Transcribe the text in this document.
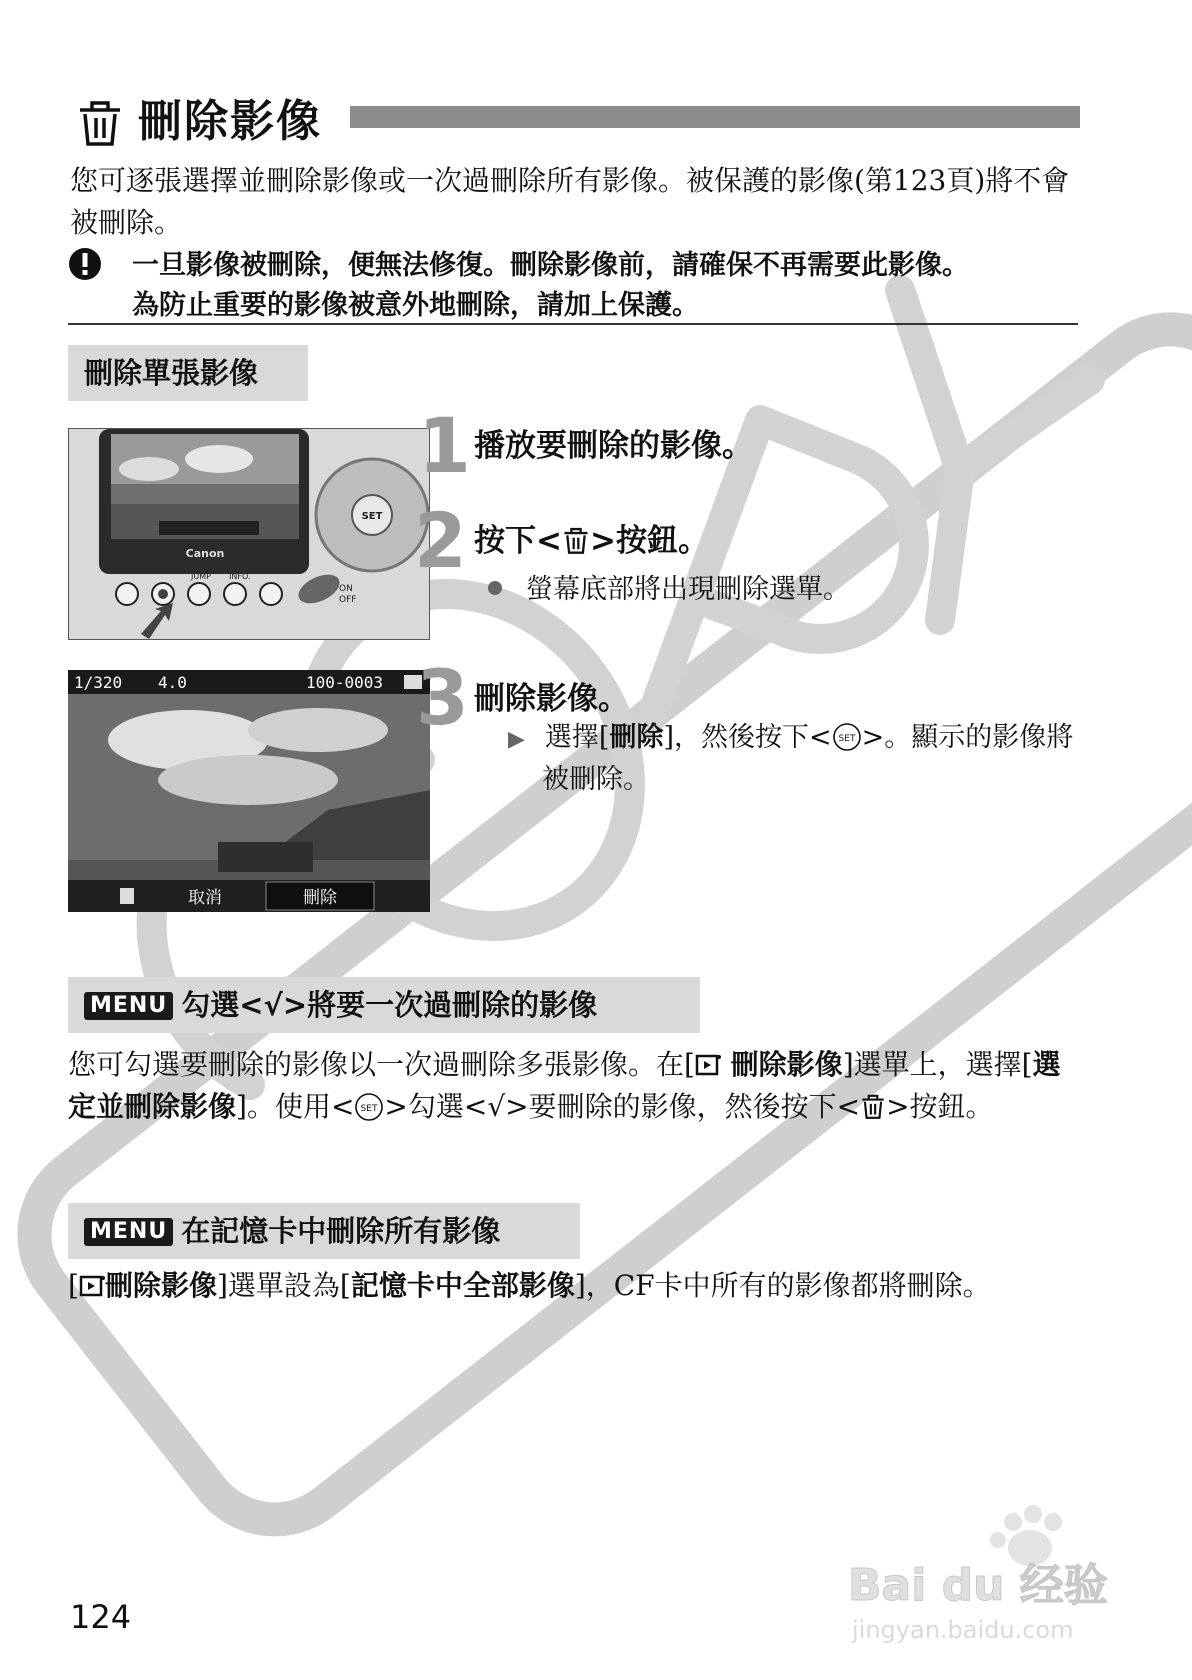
刪除影像
您可逐張選擇並刪除影像或一次過刪除所有影像。被保護的影像(第123頁)將不會被刪除。
一旦影像被刪除，便無法修復。刪除影像前，請確保不再需要此影像。
為防止重要的影像被意外地刪除，請加上保護。
刪除單張影像
Canon
SET
JUMP INFO.
ON
OFF
1/320 4.0	100-0003
取消	刪除
1 播放要刪除的影像。
2 按下< >按鈕。
螢幕底部將出現刪除選單。
3 刪除影像。
▶ 選擇[刪除]，然後按下< SET >。顯示的影像將被刪除。
MENU 勾選<√>將要一次過刪除的影像
您可勾選要刪除的影像以一次過刪除多張影像。在[ 刪除影像]選單上，選擇[選定並刪除影像]。使用< SET >勾選<√>要刪除的影像，然後按下< >按鈕。
MENU 在記憶卡中刪除所有影像
[ 刪除影像]選單設為[記憶卡中全部影像]，CF卡中所有的影像都將刪除。
124
Bai du 经验
jingyan.baidu.com
